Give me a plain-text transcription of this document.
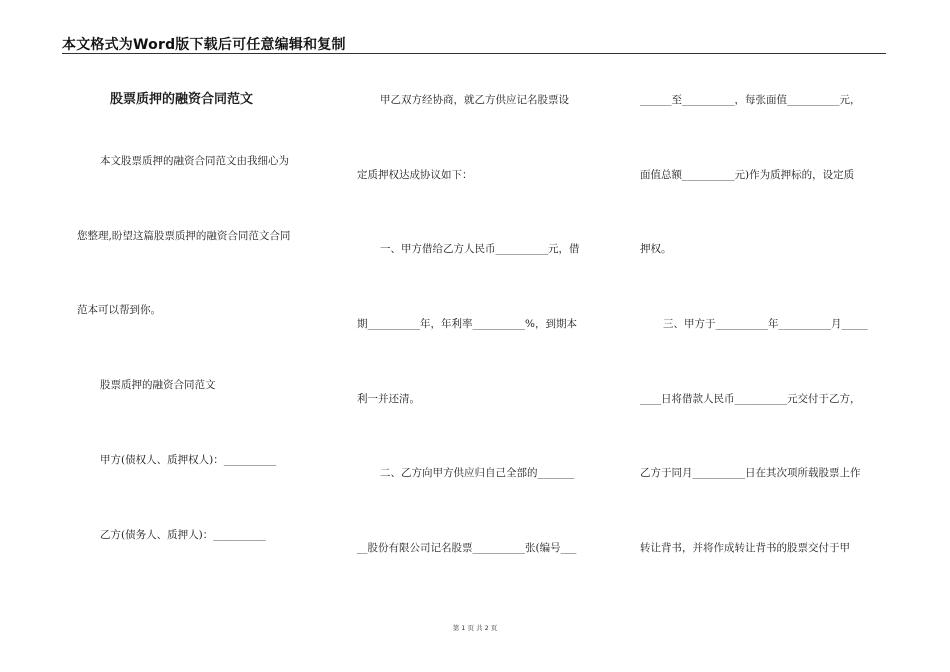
本文格式为Word版下载后可任意编辑和复制
股票质押的融资合同范文
本文股票质押的融资合同范文由我细心为
您整理,盼望这篇股票质押的融资合同范文合同
范本可以帮到你。
股票质押的融资合同范文
甲方(债权人、质押权人)：__________
乙方(债务人、质押人)：__________
甲乙双方经协商，就乙方供应记名股票设
定质押权达成协议如下：
一、甲方借给乙方人民币__________元，借
期__________年，年利率__________%，到期本
利一并还清。
二、乙方向甲方供应归自己全部的_______
__股份有限公司记名股票__________张(编号___
______至__________，每张面值__________元，
面值总额__________元)作为质押标的，设定质
押权。
三、甲方于__________年__________月_____
____日将借款人民币__________元交付于乙方，
乙方于同月__________日在其次项所载股票上作
转让背书，并将作成转让背书的股票交付于甲
第 1 页 共 2 页
